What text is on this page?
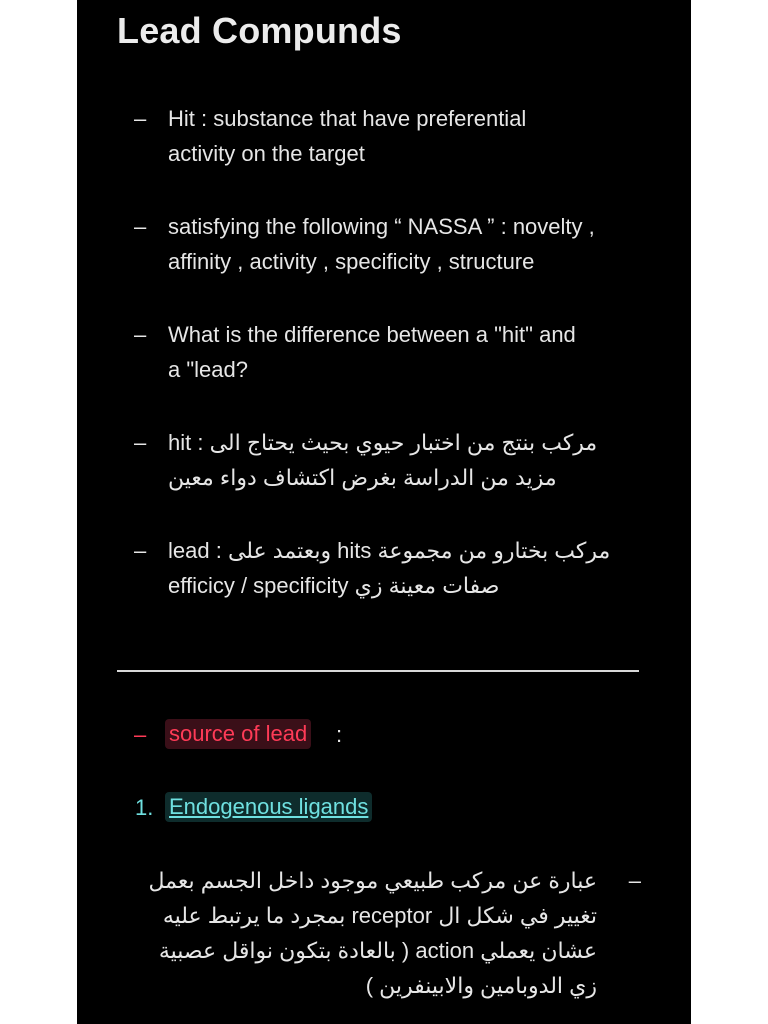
Lead Compunds
– Hit : substance that have preferential
activity on the target
– satisfying the following “ NASSA ” : novelty ,
affinity , activity , specificity , structure
– What is the difference between a "hit" and
a "lead?
– hit : مركب بنتج من اختبار حيوي بحيث يحتاج الى
مزيد من الدراسة بغرض اكتشاف دواء معين
– lead : وبعتمد على hits مركب بختارو من مجموعة
صفات معينة زي efficicy / specificity
– source of lead :
1. Endogenous ligands
–
عبارة عن مركب طبيعي موجود داخل الجسم بعمل
تغيير في شكل ال receptor بمجرد ما يرتبط عليه
عشان يعملي action ( بالعادة بتكون نواقل عصبية
زي الدوبامين والابينفرين )
